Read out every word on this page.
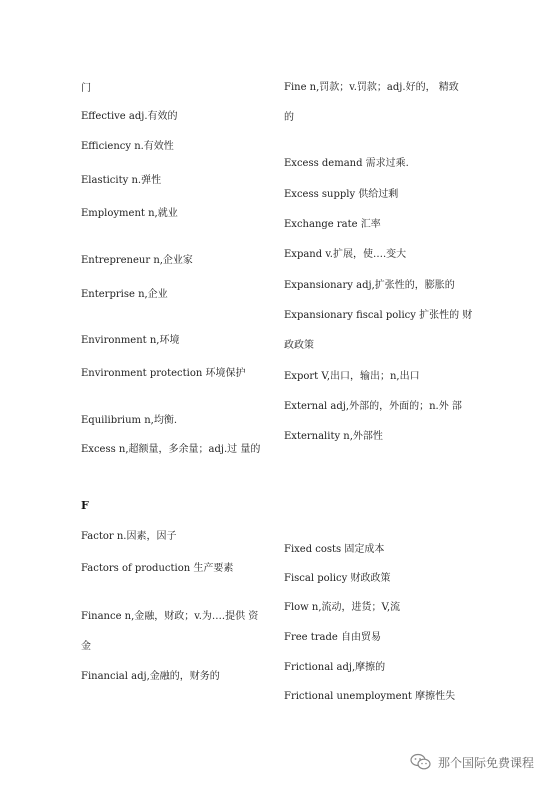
门
Effective adj.有效的
Efficiency n.有效性
Elasticity n.弹性
Employment n,就业
Entrepreneur n,企业家
Enterprise n,企业
Environment n,环境
Environment protection 环境保护
Equilibrium n,均衡.
Excess n,超额量，多余量；adj.过 量的
F
Factor n.因素，因子
Factors of production 生产要素
Finance n,金融，财政；v.为….提供 资
金
Financial adj,金融的，财务的
Fine n,罚款；v.罚款；adj.好的， 精致
的
Excess demand 需求过乘.
Excess supply 供给过剩
Exchange rate 汇率
Expand v.扩展，使….变大
Expansionary adj,扩张性的，膨胀的
Expansionary fiscal policy 扩张性的 财
政政策
Export V,出口，输出；n,出口
External adj,外部的，外面的；n.外 部
Externality n,外部性
Fixed costs 固定成本
Fiscal policy 财政政策
Flow n,流动，进货；V,流
Free trade 自由贸易
Frictional adj,摩擦的
Frictional unemployment 摩擦性失
那个国际免费课程
